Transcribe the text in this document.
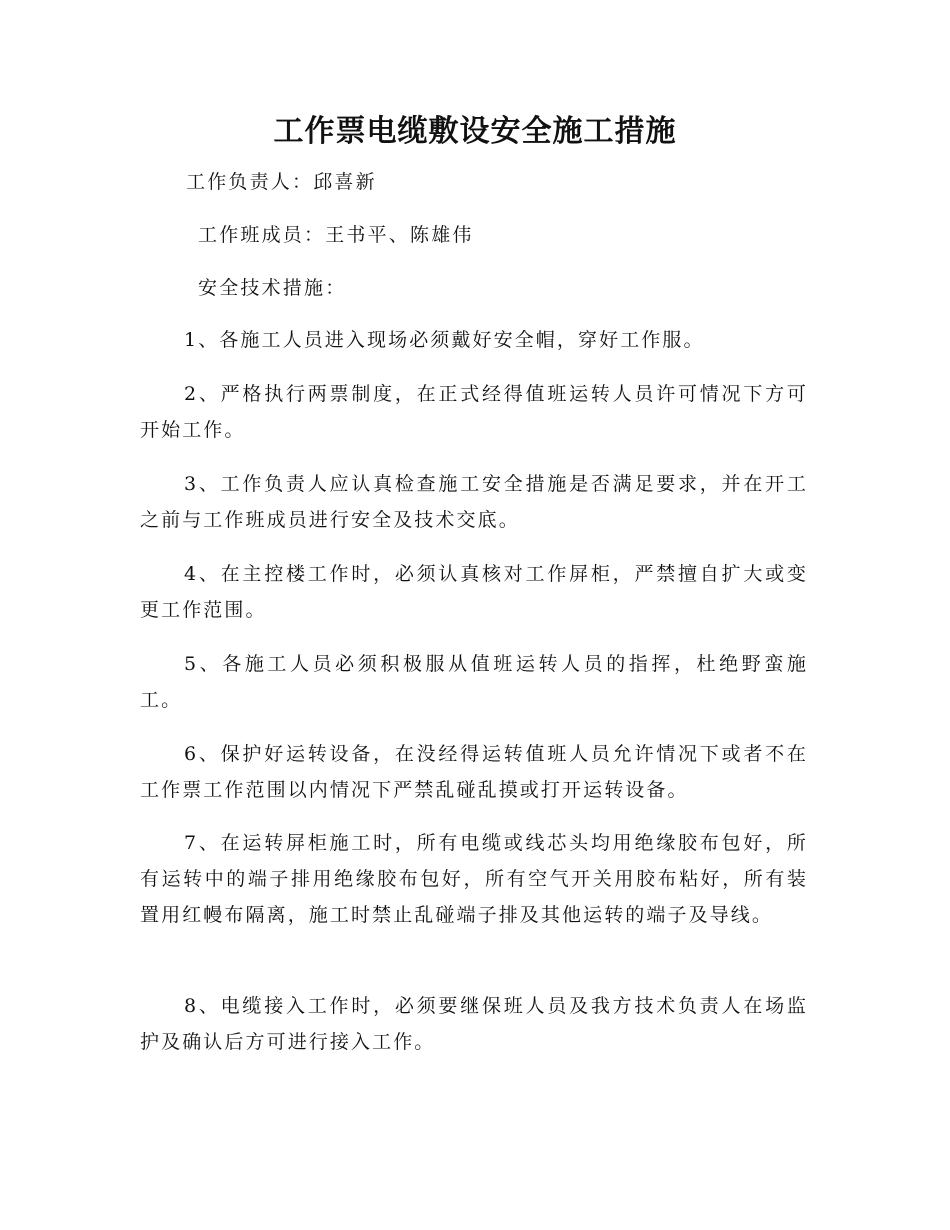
工作票电缆敷设安全施工措施
工作负责人：邱喜新
工作班成员：王书平、陈雄伟
安全技术措施：
1、各施工人员进入现场必须戴好安全帽，穿好工作服。
2、严格执行两票制度，在正式经得值班运转人员许可情况下方可开始工作。
3、工作负责人应认真检查施工安全措施是否满足要求，并在开工之前与工作班成员进行安全及技术交底。
4、在主控楼工作时，必须认真核对工作屏柜，严禁擅自扩大或变更工作范围。
5、各施工人员必须积极服从值班运转人员的指挥，杜绝野蛮施工。
6、保护好运转设备，在没经得运转值班人员允许情况下或者不在工作票工作范围以内情况下严禁乱碰乱摸或打开运转设备。
7、在运转屏柜施工时，所有电缆或线芯头均用绝缘胶布包好，所有运转中的端子排用绝缘胶布包好，所有空气开关用胶布粘好，所有装置用红幔布隔离，施工时禁止乱碰端子排及其他运转的端子及导线。
8、电缆接入工作时，必须要继保班人员及我方技术负责人在场监护及确认后方可进行接入工作。
